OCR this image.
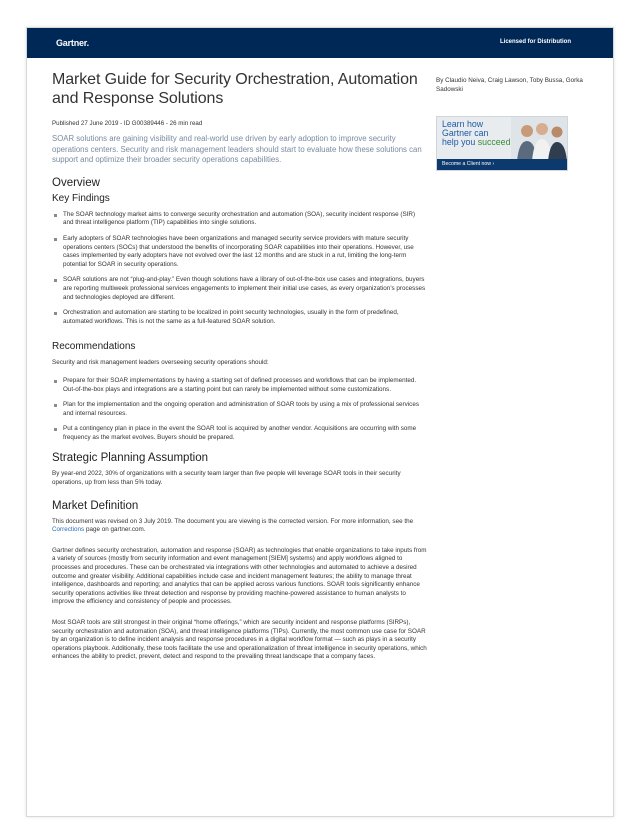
Gartner.	Licensed for Distribution
Market Guide for Security Orchestration, Automation and Response Solutions
Published 27 June 2019 - ID G00389446 - 26 min read
SOAR solutions are gaining visibility and real-world use driven by early adoption to improve security operations centers. Security and risk management leaders should start to evaluate how these solutions can support and optimize their broader security operations capabilities.
Overview
Key Findings
The SOAR technology market aims to converge security orchestration and automation (SOA), security incident response (SIR) and threat intelligence platform (TIP) capabilities into single solutions.
Early adopters of SOAR technologies have been organizations and managed security service providers with mature security operations centers (SOCs) that understood the benefits of incorporating SOAR capabilities into their operations. However, use cases implemented by early adopters have not evolved over the last 12 months and are stuck in a rut, limiting the long-term potential for SOAR in security operations.
SOAR solutions are not “plug-and-play.” Even though solutions have a library of out-of-the-box use cases and integrations, buyers are reporting multiweek professional services engagements to implement their initial use cases, as every organization’s processes and technologies deployed are different.
Orchestration and automation are starting to be localized in point security technologies, usually in the form of predefined, automated workflows. This is not the same as a full-featured SOAR solution.
Recommendations
Security and risk management leaders overseeing security operations should:
Prepare for their SOAR implementations by having a starting set of defined processes and workflows that can be implemented. Out-of-the-box plays and integrations are a starting point but can rarely be implemented without some customizations.
Plan for the implementation and the ongoing operation and administration of SOAR tools by using a mix of professional services and internal resources.
Put a contingency plan in place in the event the SOAR tool is acquired by another vendor. Acquisitions are occurring with some frequency as the market evolves. Buyers should be prepared.
Strategic Planning Assumption
By year-end 2022, 30% of organizations with a security team larger than five people will leverage SOAR tools in their security operations, up from less than 5% today.
Market Definition
This document was revised on 3 July 2019. The document you are viewing is the corrected version. For more information, see the Corrections page on gartner.com.
Gartner defines security orchestration, automation and response (SOAR) as technologies that enable organizations to take inputs from a variety of sources (mostly from security information and event management [SIEM] systems) and apply workflows aligned to processes and procedures. These can be orchestrated via integrations with other technologies and automated to achieve a desired outcome and greater visibility. Additional capabilities include case and incident management features; the ability to manage threat intelligence, dashboards and reporting; and analytics that can be applied across various functions. SOAR tools significantly enhance security operations activities like threat detection and response by providing machine-powered assistance to human analysts to improve the efficiency and consistency of people and processes.
Most SOAR tools are still strongest in their original “home offerings,” which are security incident and response platforms (SIRPs), security orchestration and automation (SOA), and threat intelligence platforms (TIPs). Currently, the most common use case for SOAR by an organization is to define incident analysis and response procedures in a digital workflow format — such as plays in a security operations playbook. Additionally, these tools facilitate the use and operationalization of threat intelligence in security operations, which enhances the ability to predict, prevent, detect and respond to the prevailing threat landscape that a company faces.
By Claudio Neiva, Craig Lawson, Toby Bussa, Gorka Sadowski
Learn how
Gartner can
help you succeed
Become a Client now ›
